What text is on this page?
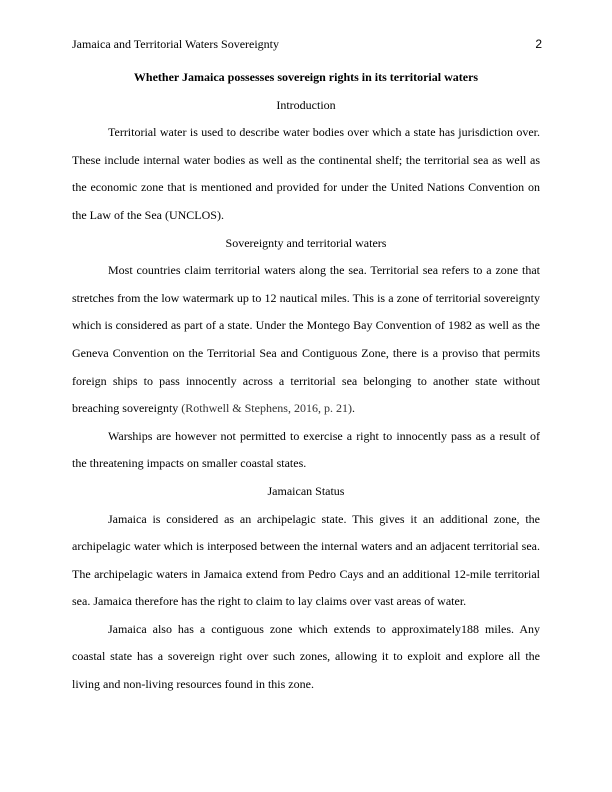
Jamaica and Territorial Waters Sovereignty	2

Whether Jamaica possesses sovereign rights in its territorial waters

Introduction

Territorial water is used to describe water bodies over which a state has jurisdiction over. These include internal water bodies as well as the continental shelf; the territorial sea as well as the economic zone that is mentioned and provided for under the United Nations Convention on the Law of the Sea (UNCLOS).

Sovereignty and territorial waters

Most countries claim territorial waters along the sea. Territorial sea refers to a zone that stretches from the low watermark up to 12 nautical miles. This is a zone of territorial sovereignty which is considered as part of a state. Under the Montego Bay Convention of 1982 as well as the Geneva Convention on the Territorial Sea and Contiguous Zone, there is a proviso that permits foreign ships to pass innocently across a territorial sea belonging to another state without breaching sovereignty (Rothwell & Stephens, 2016, p. 21).

Warships are however not permitted to exercise a right to innocently pass as a result of the threatening impacts on smaller coastal states.

Jamaican Status

Jamaica is considered as an archipelagic state. This gives it an additional zone, the archipelagic water which is interposed between the internal waters and an adjacent territorial sea. The archipelagic waters in Jamaica extend from Pedro Cays and an additional 12-mile territorial sea. Jamaica therefore has the right to claim to lay claims over vast areas of water.

Jamaica also has a contiguous zone which extends to approximately188 miles. Any coastal state has a sovereign right over such zones, allowing it to exploit and explore all the living and non-living resources found in this zone.
